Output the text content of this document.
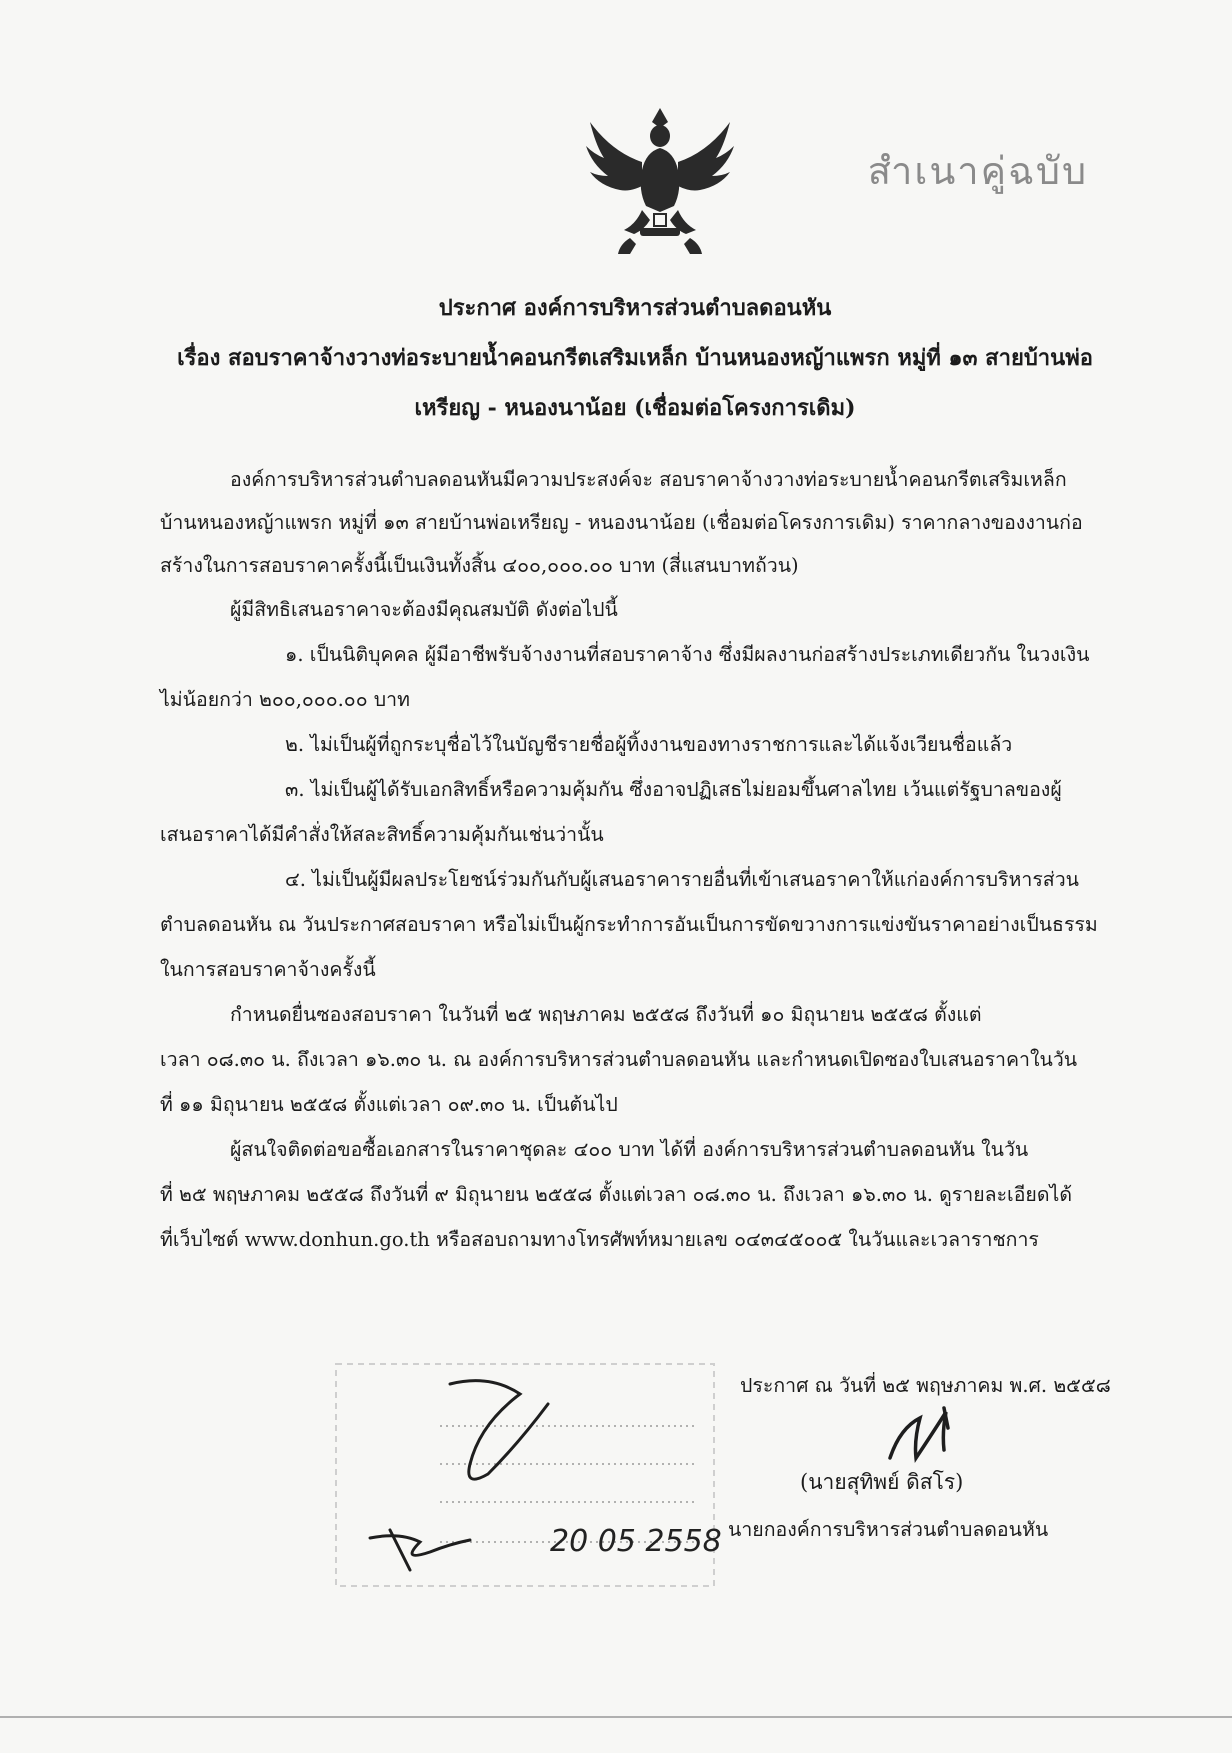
สำเนาคู่ฉบับ
ประกาศ องค์การบริหารส่วนตำบลดอนหัน
เรื่อง สอบราคาจ้างวางท่อระบายน้ำคอนกรีตเสริมเหล็ก บ้านหนองหญ้าแพรก หมู่ที่ ๑๓ สายบ้านพ่อ
เหรียญ - หนองนาน้อย (เชื่อมต่อโครงการเดิม)
องค์การบริหารส่วนตำบลดอนหันมีความประสงค์จะ สอบราคาจ้างวางท่อระบายน้ำคอนกรีตเสริมเหล็ก
บ้านหนองหญ้าแพรก หมู่ที่ ๑๓ สายบ้านพ่อเหรียญ - หนองนาน้อย (เชื่อมต่อโครงการเดิม) ราคากลางของงานก่อ
สร้างในการสอบราคาครั้งนี้เป็นเงินทั้งสิ้น ๔๐๐,๐๐๐.๐๐ บาท (สี่แสนบาทถ้วน)
ผู้มีสิทธิเสนอราคาจะต้องมีคุณสมบัติ ดังต่อไปนี้
๑. เป็นนิติบุคคล ผู้มีอาชีพรับจ้างงานที่สอบราคาจ้าง ซึ่งมีผลงานก่อสร้างประเภทเดียวกัน ในวงเงิน
ไม่น้อยกว่า ๒๐๐,๐๐๐.๐๐ บาท
๒. ไม่เป็นผู้ที่ถูกระบุชื่อไว้ในบัญชีรายชื่อผู้ทิ้งงานของทางราชการและได้แจ้งเวียนชื่อแล้ว
๓. ไม่เป็นผู้ได้รับเอกสิทธิ์หรือความคุ้มกัน ซึ่งอาจปฏิเสธไม่ยอมขึ้นศาลไทย เว้นแต่รัฐบาลของผู้
เสนอราคาได้มีคำสั่งให้สละสิทธิ์ความคุ้มกันเช่นว่านั้น
๔. ไม่เป็นผู้มีผลประโยชน์ร่วมกันกับผู้เสนอราคารายอื่นที่เข้าเสนอราคาให้แก่องค์การบริหารส่วน
ตำบลดอนหัน ณ วันประกาศสอบราคา หรือไม่เป็นผู้กระทำการอันเป็นการขัดขวางการแข่งขันราคาอย่างเป็นธรรม
ในการสอบราคาจ้างครั้งนี้
กำหนดยื่นซองสอบราคา ในวันที่ ๒๕ พฤษภาคม ๒๕๕๘ ถึงวันที่ ๑๐ มิถุนายน ๒๕๕๘ ตั้งแต่
เวลา ๐๘.๓๐ น. ถึงเวลา ๑๖.๓๐ น. ณ องค์การบริหารส่วนตำบลดอนหัน และกำหนดเปิดซองใบเสนอราคาในวัน
ที่ ๑๑ มิถุนายน ๒๕๕๘ ตั้งแต่เวลา ๐๙.๓๐ น. เป็นต้นไป
ผู้สนใจติดต่อขอซื้อเอกสารในราคาชุดละ ๔๐๐ บาท ได้ที่ องค์การบริหารส่วนตำบลดอนหัน ในวัน
ที่ ๒๕ พฤษภาคม ๒๕๕๘ ถึงวันที่ ๙ มิถุนายน ๒๕๕๘ ตั้งแต่เวลา ๐๘.๓๐ น. ถึงเวลา ๑๖.๓๐ น. ดูรายละเอียดได้
ที่เว็บไซต์ www.donhun.go.th หรือสอบถามทางโทรศัพท์หมายเลข ๐๔๓๔๕๐๐๕ ในวันและเวลาราชการ
20 05 2558
ประกาศ ณ วันที่ ๒๕ พฤษภาคม พ.ศ. ๒๕๕๘
(นายสุทิพย์ ดิสโร)
นายกองค์การบริหารส่วนตำบลดอนหัน
